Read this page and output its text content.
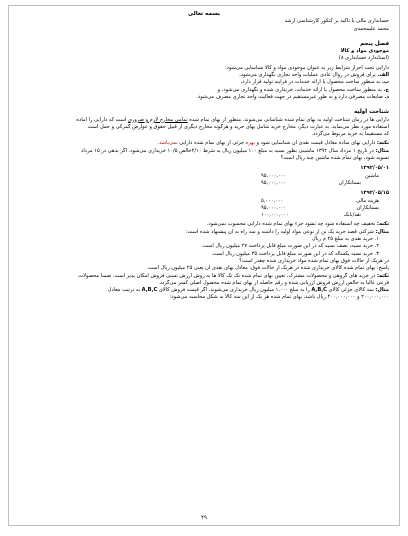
بسمه تعالی
حسابداری مالی با تاکید بر کنکور کارشناسی ارشد
محمد علیمحمدی
فصل پنجم
موجودی مواد و کالا
(استاندارد حسابداری ۸)
دارایی تحت احراز شرایط زیر به عنوان موجودی مواد و کالا شناسایی می‌شود:
الف. برای فروش در روال عادی عملیات واحد تجاری نگهداری می‌شود،
ب. به منظور ساخت محصول یا ارائه خدمات در فرایند تولید قرار دارد،
ج. به منظور ساخت محصول یا ارائه خدمات، خریداری شده و نگهداری می‌شود، و
د. ضایعات مصرفی دارد و به طور غیرمستقیم در جهت فعالیت واحد تجاری مصرف می‌شود.
شناخت اولیه
دارایی ها در زمان شناخت اولیه به بهای تمام شده شناسایی می‌شوند. منظور از بهای تمام شده تمامی مخارج لازم و ضروری است که دارایی را آماده
استفاده مورد نظر می‌نماید. به عبارت دیگر، مخارج خرید شامل بهای خرید و هرگونه مخارج دیگری از قبیل حقوق و عوارض گمرکی و حمل است
که مستقیماً به خرید مربوط می‌گردد.
نکته: دارایی بهای ساده معادل قیمت نقدی آن شناسایی شود و بهره جزئی از بهای تمام شده دارایی نمی‌باشد.
مثال: در تاریخ ۱ مرداد سال ۱۳۹۲ ماشینی بطور نسیه به مبلغ ۱۰۰ میلیون ریال به شرط ۲/۱۰خالص ۱۰/۵ خریداری می‌شود. اگر بدهی در ۱۵ مرداد
تسویه شود، بهای تمام شده ماشین چند ریال است؟
۱۳۹۲/۰۵/۰۱
ماشین
۹۵,۰۰۰,۰۰۰
بستانکاران
۹۵,۰۰۰,۰۰۰
۱۳۹۲/۰۵/۱۵
هزینه مالی
۵,۰۰۰,۰۰۰
بستانکاران
۹۵,۰۰۰,۰۰۰
نقد/بانک
۱۰۰,۰۰۰,۰۰۰
نکته: تخفیف چه استفاده شود چه نشود جزء بهای تمام شده دارایی محسوب نمی‌شود.
مثال: شرکتی قصد خرید یک تن از نوعی مواد اولیه را داشته و سه راه به آن پیشنهاد شده است:
۱. خرید نقدی به مبلغ ۲۵ م ریال
۲. خرید نسیه، نصف نسیه که در این صورت مبلغ قابل پرداخت ۲۷ میلیون ریال است.
۳. خرید نسیه یکساله که در این صورت مبلغ قابل پرداخت ۳۵ میلیون ریال است.
در هریک از حالات فوق بهای تمام شده مواد خریداری شده چقدر است؟
پاسخ: بهای تمام شده کالای خریداری شده در هریک از حالات فوق، معادل بهای نقدی آن یعنی ۲۵ میلیون ریال است.
نکته: در خرید های گروهی و محصولات مشترک، تعیین بهای تمام شده تک تک کالا ها به روش ارزش نسبی فروش امکان پذیر است. ضمناً محصولات
فرعی غالباً به خالص ارزش فروش ارزیابی شده و رقم حاصله از بهای تمام شده محصول اصلی کسر می‌گردد.
مثال: سه کالای جزئی کالای A,B,C را به مبلغ ۱,۰۰۰ میلیون ریال خریداری می‌شوند. اگر قیمت فروش کالای A,B,C به ترتیب معادل
۲۰۰,۰۰۰,۰۰۰ و ۴۰۰,۰۰۰,۰۰۰ ریال باشد، بهای تمام شده هر یک از این سه کالا به شکل محاسبه می‌شود:
۴۹
